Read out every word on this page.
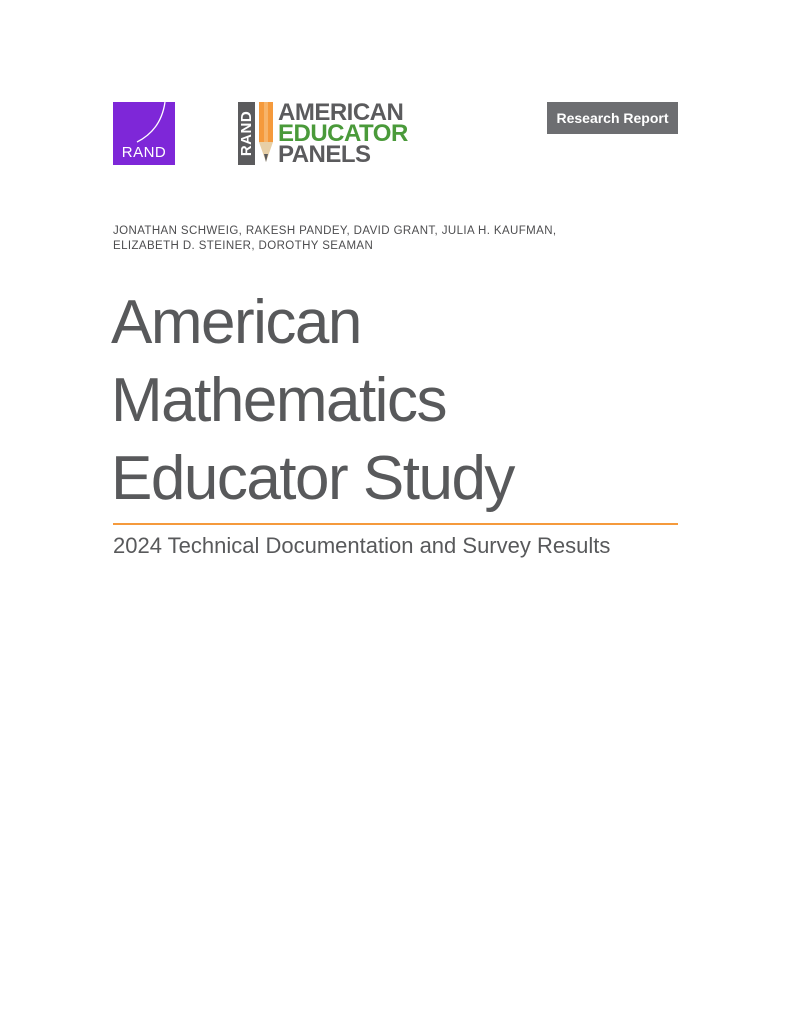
RAND	RAND AMERICAN
EDUCATOR
PANELS
Research Report
JONATHAN SCHWEIG, RAKESH PANDEY, DAVID GRANT, JULIA H. KAUFMAN,
ELIZABETH D. STEINER, DOROTHY SEAMAN
American
Mathematics
Educator Study
2024 Technical Documentation and Survey Results
